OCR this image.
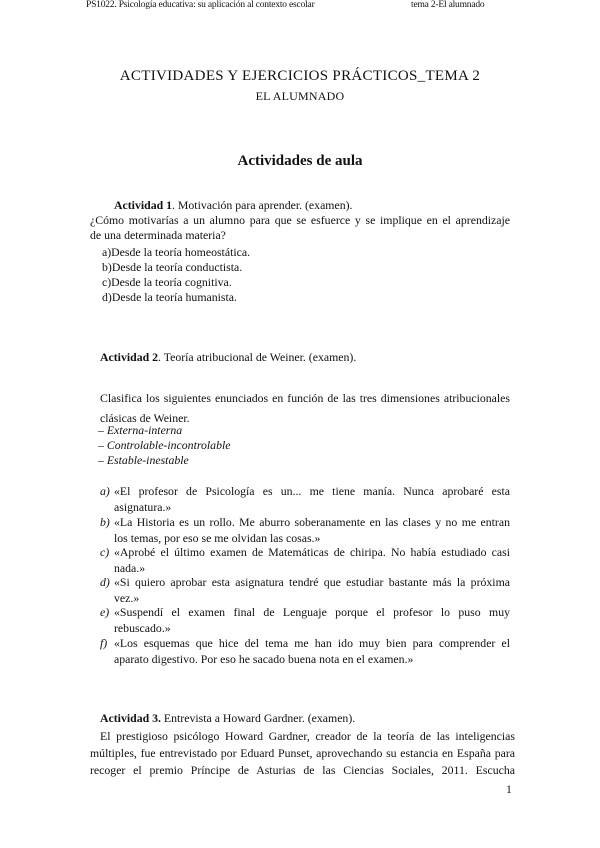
PS1022. Psicología educativa: su aplicación al contexto escolar	tema 2-El alumnado
ACTIVIDADES Y EJERCICIOS PRÁCTICOS_TEMA 2
EL ALUMNADO
Actividades de aula
Actividad 1. Motivación para aprender. (examen).
¿Cómo motivarías a un alumno para que se esfuerce y se implique en el aprendizaje
de una determinada materia?
a)Desde la teoría homeostática.
b)Desde la teoría conductista.
c)Desde la teoría cognitiva.
d)Desde la teoría humanista.
Actividad 2. Teoría atribucional de Weiner. (examen).
Clasifica los siguientes enunciados en función de las tres dimensiones atribucionales
clásicas de Weiner.
– Externa-interna
– Controlable-incontrolable
– Estable-inestable
a) «El profesor de Psicología es un... me tiene manía. Nunca aprobaré esta
asignatura.»
b) «La Historia es un rollo. Me aburro soberanamente en las clases y no me entran
los temas, por eso se me olvidan las cosas.»
c) «Aprobé el último examen de Matemáticas de chiripa. No había estudiado casi
nada.»
d) «Si quiero aprobar esta asignatura tendré que estudiar bastante más la próxima
vez.»
e) «Suspendí el examen final de Lenguaje porque el profesor lo puso muy
rebuscado.»
f) «Los esquemas que hice del tema me han ido muy bien para comprender el
aparato digestivo. Por eso he sacado buena nota en el examen.»
Actividad 3. Entrevista a Howard Gardner. (examen).
El prestigioso psicólogo Howard Gardner, creador de la teoría de las inteligencias
múltiples, fue entrevistado por Eduard Punset, aprovechando su estancia en España para
recoger el premio Príncipe de Asturias de las Ciencias Sociales, 2011. Escucha
1
